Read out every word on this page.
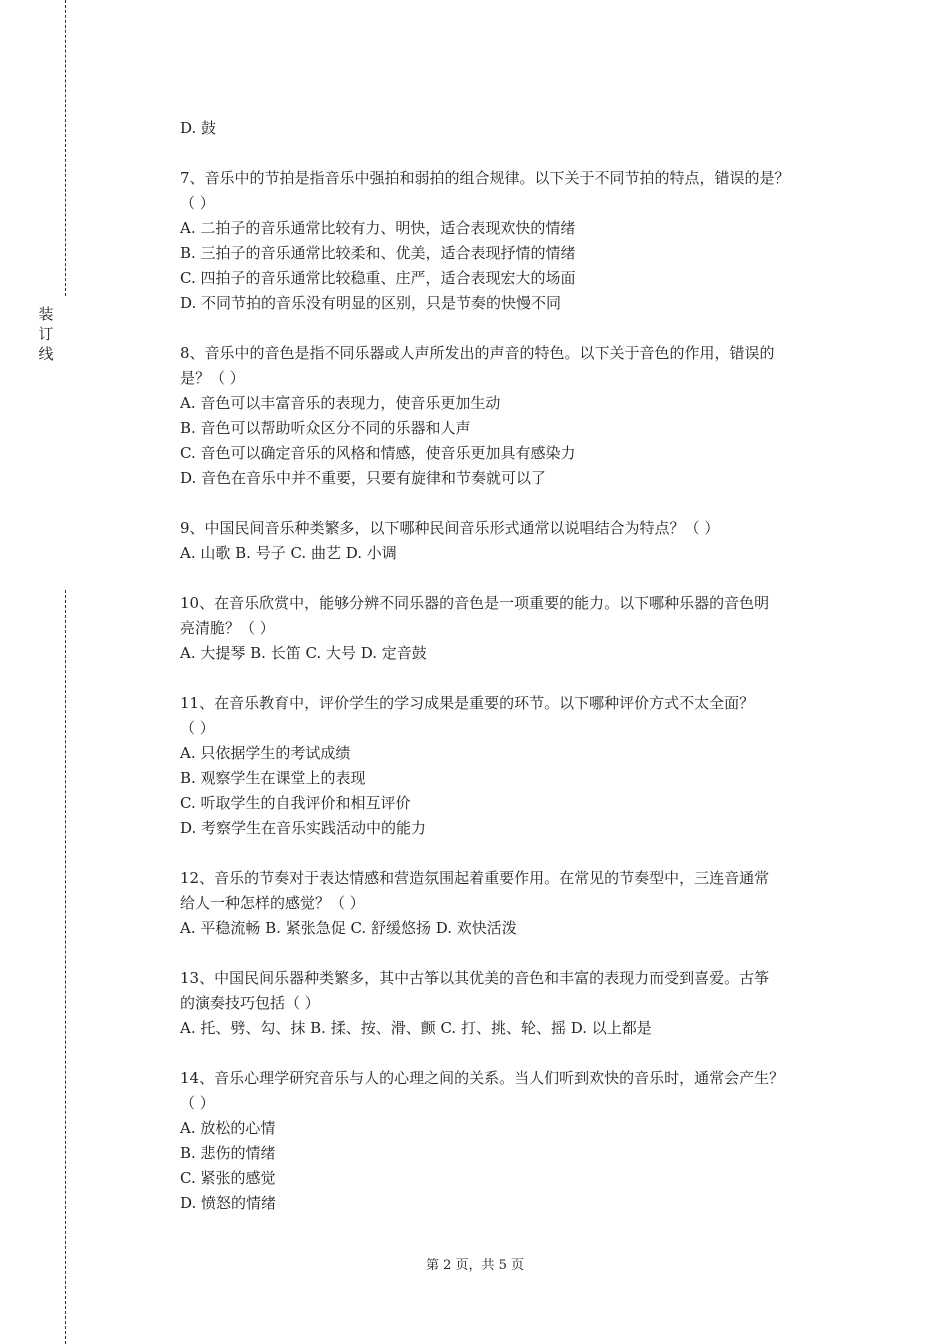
装
订
线
D. 鼓
7、音乐中的节拍是指音乐中强拍和弱拍的组合规律。以下关于不同节拍的特点，错误的是？
（ ）
A. 二拍子的音乐通常比较有力、明快，适合表现欢快的情绪
B. 三拍子的音乐通常比较柔和、优美，适合表现抒情的情绪
C. 四拍子的音乐通常比较稳重、庄严，适合表现宏大的场面
D. 不同节拍的音乐没有明显的区别，只是节奏的快慢不同
8、音乐中的音色是指不同乐器或人声所发出的声音的特色。以下关于音色的作用，错误的
是？（ ）
A. 音色可以丰富音乐的表现力，使音乐更加生动
B. 音色可以帮助听众区分不同的乐器和人声
C. 音色可以确定音乐的风格和情感，使音乐更加具有感染力
D. 音色在音乐中并不重要，只要有旋律和节奏就可以了
9、中国民间音乐种类繁多，以下哪种民间音乐形式通常以说唱结合为特点？（ ）
A. 山歌 B. 号子 C. 曲艺 D. 小调
10、在音乐欣赏中，能够分辨不同乐器的音色是一项重要的能力。以下哪种乐器的音色明
亮清脆？（ ）
A. 大提琴 B. 长笛 C. 大号 D. 定音鼓
11、在音乐教育中，评价学生的学习成果是重要的环节。以下哪种评价方式不太全面？
（ ）
A. 只依据学生的考试成绩
B. 观察学生在课堂上的表现
C. 听取学生的自我评价和相互评价
D. 考察学生在音乐实践活动中的能力
12、音乐的节奏对于表达情感和营造氛围起着重要作用。在常见的节奏型中，三连音通常
给人一种怎样的感觉？（ ）
A. 平稳流畅 B. 紧张急促 C. 舒缓悠扬 D. 欢快活泼
13、中国民间乐器种类繁多，其中古筝以其优美的音色和丰富的表现力而受到喜爱。古筝
的演奏技巧包括（ ）
A. 托、劈、勾、抹 B. 揉、按、滑、颤 C. 打、挑、轮、摇 D. 以上都是
14、音乐心理学研究音乐与人的心理之间的关系。当人们听到欢快的音乐时，通常会产生？
（ ）
A. 放松的心情
B. 悲伤的情绪
C. 紧张的感觉
D. 愤怒的情绪
第 2 页，共 5 页
